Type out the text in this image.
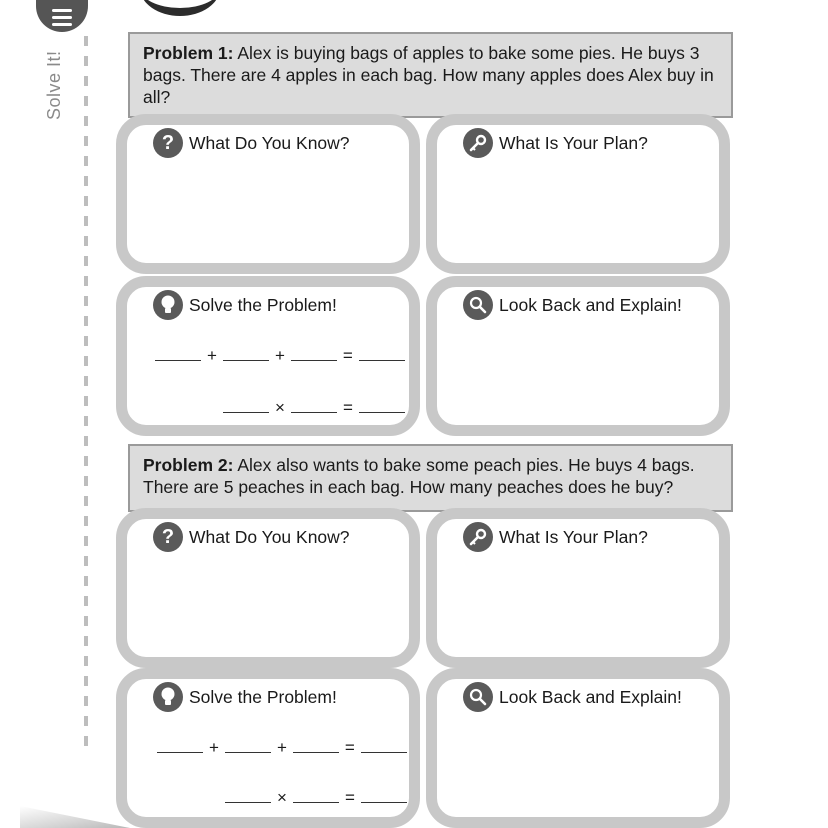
Solve It!	Problem 1: Alex is buying bags of apples to bake some pies. He buys 3 bags. There are 4 apples in each bag. How many apples does Alex buy in all?
? What Do You Know?	What Is Your Plan?
Solve the Problem!
+	+	=
×	=
Look Back and Explain!
Problem 2: Alex also wants to bake some peach pies. He buys 4 bags. There are 5 peaches in each bag. How many peaches does he buy?
? What Do You Know?	What Is Your Plan?
Solve the Problem!
+	+	=
×	=
Look Back and Explain!
